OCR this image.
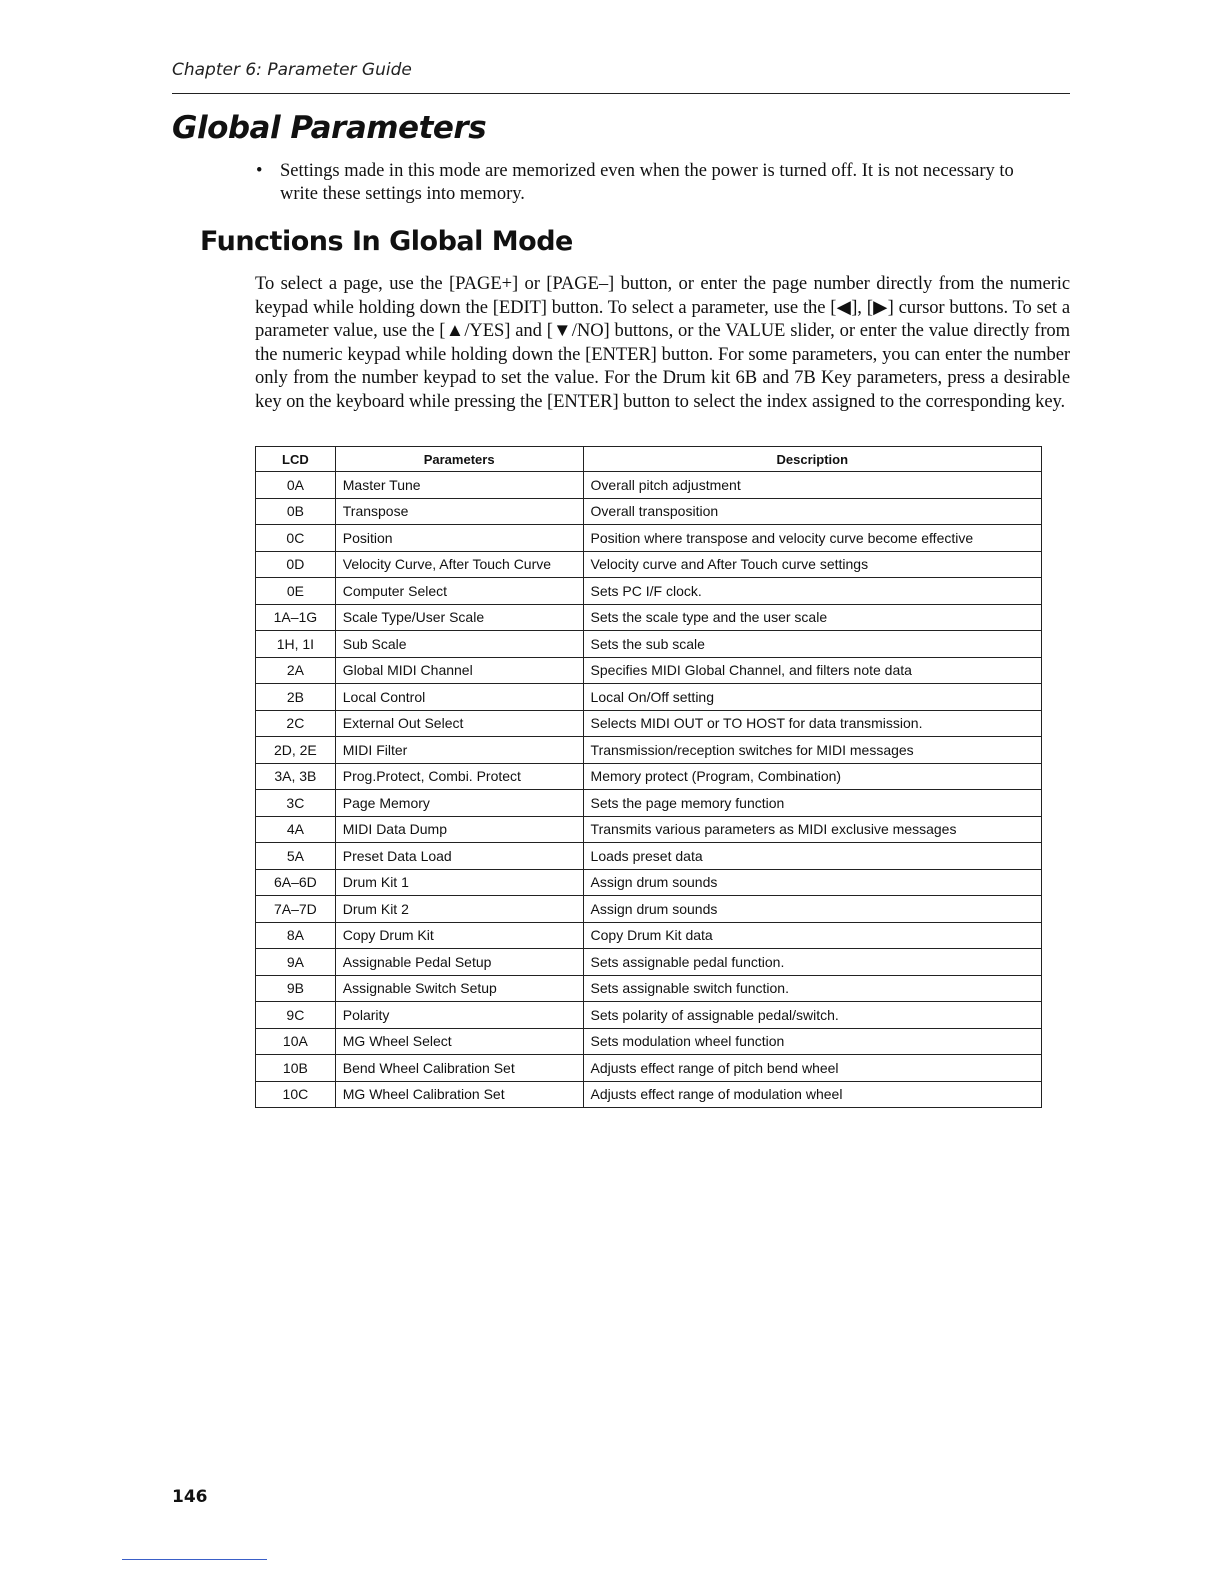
Chapter 6: Parameter Guide
Global Parameters
• Settings made in this mode are memorized even when the power is turned off. It is not necessary to write these settings into memory.
Functions In Global Mode

To select a page, use the [PAGE+] or [PAGE–] button, or enter the page number directly from the numeric keypad while holding down the [EDIT] button. To select a parameter, use the [◀], [▶] cursor buttons. To set a parameter value, use the [▲/YES] and [▼/NO] buttons, or the VALUE slider, or enter the value directly from the numeric keypad while holding down the [ENTER] button. For some parameters, you can enter the number only from the number keypad to set the value. For the Drum kit 6B and 7B Key parameters, press a desirable key on the keyboard while pressing the [ENTER] button to select the index assigned to the corresponding key.

LCD	Parameters	Description
0A	Master Tune	Overall pitch adjustment
0B	Transpose	Overall transposition
0C	Position	Position where transpose and velocity curve become effective
0D	Velocity Curve, After Touch Curve	Velocity curve and After Touch curve settings
0E	Computer Select	Sets PC I/F clock.
1A–1G	Scale Type/User Scale	Sets the scale type and the user scale
1H, 1I	Sub Scale	Sets the sub scale
2A	Global MIDI Channel	Specifies MIDI Global Channel, and filters note data
2B	Local Control	Local On/Off setting
2C	External Out Select	Selects MIDI OUT or TO HOST for data transmission.
2D, 2E	MIDI Filter	Transmission/reception switches for MIDI messages
3A, 3B	Prog.Protect, Combi. Protect	Memory protect (Program, Combination)
3C	Page Memory	Sets the page memory function
4A	MIDI Data Dump	Transmits various parameters as MIDI exclusive messages
5A	Preset Data Load	Loads preset data
6A–6D	Drum Kit 1	Assign drum sounds
7A–7D	Drum Kit 2	Assign drum sounds
8A	Copy Drum Kit	Copy Drum Kit data
9A	Assignable Pedal Setup	Sets assignable pedal function.
9B	Assignable Switch Setup	Sets assignable switch function.
9C	Polarity	Sets polarity of assignable pedal/switch.
10A	MG Wheel Select	Sets modulation wheel function
10B	Bend Wheel Calibration Set	Adjusts effect range of pitch bend wheel
10C	MG Wheel Calibration Set	Adjusts effect range of modulation wheel
146
